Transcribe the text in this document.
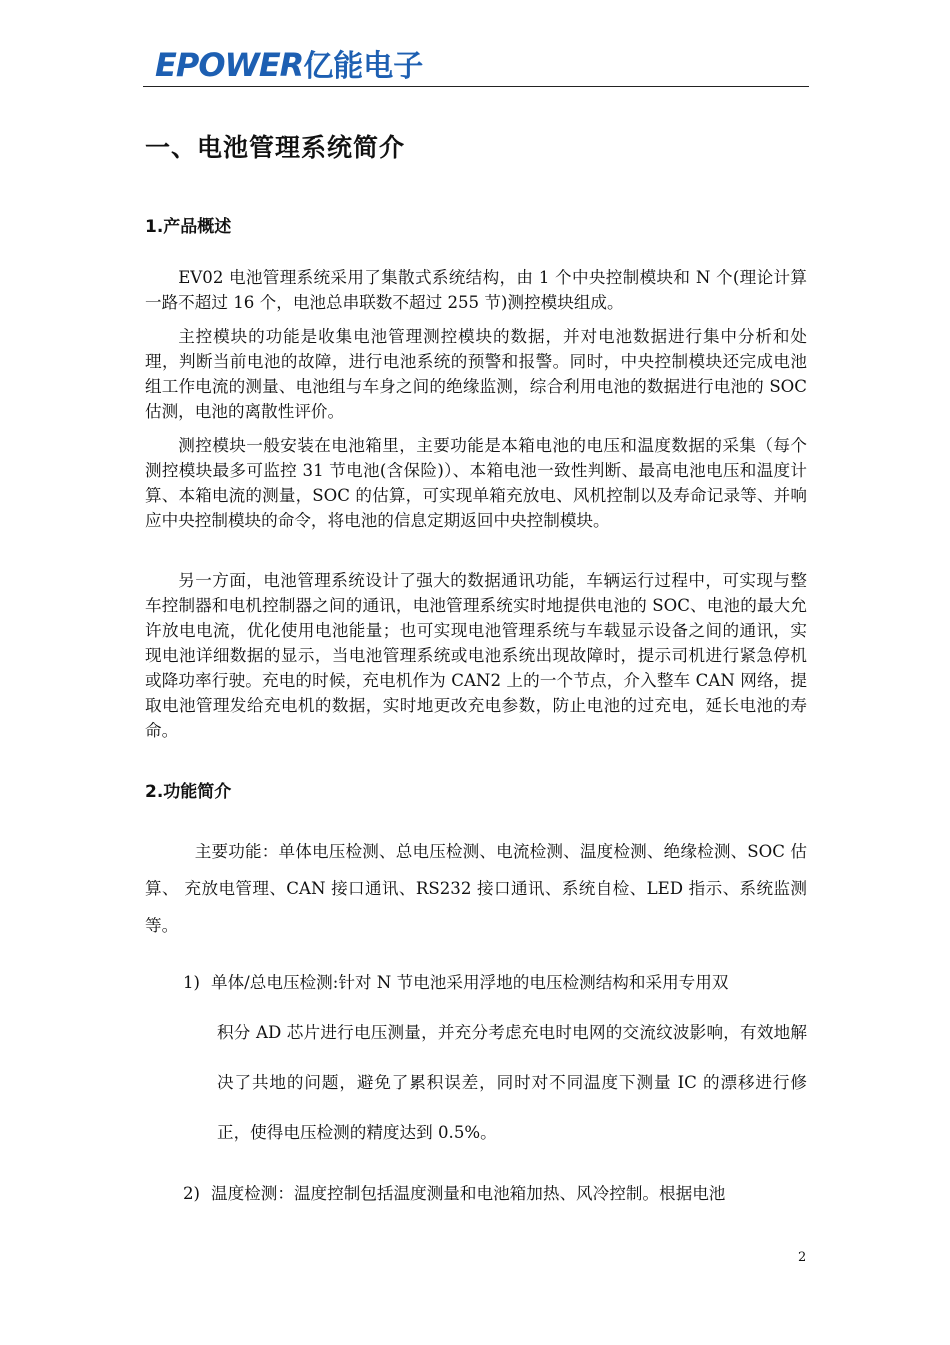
EPOWER亿能电子
一、电池管理系统简介
1.产品概述

EV02 电池管理系统采用了集散式系统结构，由 1 个中央控制模块和 N 个(理论计算一路不超过 16 个，电池总串联数不超过 255 节)测控模块组成。

主控模块的功能是收集电池管理测控模块的数据，并对电池数据进行集中分析和处理，判断当前电池的故障，进行电池系统的预警和报警。同时，中央控制模块还完成电池组工作电流的测量、电池组与车身之间的绝缘监测，综合利用电池的数据进行电池的 SOC 估测，电池的离散性评价。

测控模块一般安装在电池箱里，主要功能是本箱电池的电压和温度数据的采集（每个测控模块最多可监控 31 节电池(含保险)）、本箱电池一致性判断、最高电池电压和温度计算、本箱电流的测量，SOC 的估算，可实现单箱充放电、风机控制以及寿命记录等、并响应中央控制模块的命令，将电池的信息定期返回中央控制模块。

另一方面，电池管理系统设计了强大的数据通讯功能，车辆运行过程中，可实现与整车控制器和电机控制器之间的通讯，电池管理系统实时地提供电池的 SOC、电池的最大允许放电电流，优化使用电池能量；也可实现电池管理系统与车载显示设备之间的通讯，实现电池详细数据的显示，当电池管理系统或电池系统出现故障时，提示司机进行紧急停机或降功率行驶。充电的时候，充电机作为 CAN2 上的一个节点，介入整车 CAN 网络，提取电池管理发给充电机的数据，实时地更改充电参数，防止电池的过充电，延长电池的寿命。

2.功能简介

主要功能：单体电压检测、总电压检测、电流检测、温度检测、绝缘检测、SOC 估算、 充放电管理、CAN 接口通讯、RS232 接口通讯、系统自检、LED 指示、系统监测等。

1) 单体/总电压检测:针对 N 节电池采用浮地的电压检测结构和采用专用双

积分 AD 芯片进行电压测量，并充分考虑充电时电网的交流纹波影响，有效地解决了共地的问题，避免了累积误差，同时对不同温度下测量 IC 的漂移进行修正，使得电压检测的精度达到 0.5%。

2) 温度检测：温度控制包括温度测量和电池箱加热、风冷控制。根据电池

2
